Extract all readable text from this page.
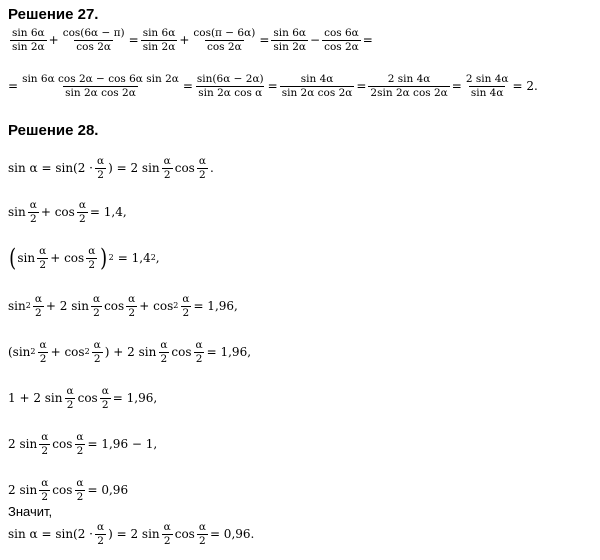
Решение 27.
$\frac{\sin 6\alpha}{\sin 2\alpha} + \frac{\cos(6\alpha - \pi)}{\cos 2\alpha} = \frac{\sin 6\alpha}{\sin 2\alpha} + \frac{\cos(\pi - 6\alpha)}{\cos 2\alpha} = \frac{\sin 6\alpha}{\sin 2\alpha} - \frac{\cos 6\alpha}{\cos 2\alpha}$ =
= $\frac{\text{sin 6α cos 2α − cos 6α sin 2α}}{\text{sin 2α cos 2α}} = \frac{\sin(6\alpha - 2\alpha)}{\text{sin 2α cos α}} = \frac{\sin 4\alpha}{\text{sin 2α cos 2α}} = \frac{2 \sin 4\alpha}{\text{2sin 2α cos 2α}} = \frac{2 \sin 4\alpha}{\sin 4\alpha} = 2$.
Решение 28.
$\sin \alpha = \sin(2 \cdot \frac{\alpha}{2}$ ) = 2 $\sin \frac{\alpha}{2}$ $\cos \frac{\alpha}{2}$ .
$\sin \frac{\alpha}{2} + \cos \frac{\alpha}{2} = 1,4$,
( $\sin \frac{\alpha}{2} + \cos \frac{\alpha}{2}$ ) 2 = 1,4 2 ,
$\sin 2 \frac{\alpha}{2} + 2$ $\sin \frac{\alpha}{2}$ $\cos \frac{\alpha}{2} + \cos 2 \frac{\alpha}{2} = 1,96$,
(sin $2 \frac{\alpha}{2} + \cos 2 \frac{\alpha}{2}$ ) + 2 $\sin \frac{\alpha}{2}$ $\cos \frac{\alpha}{2} = 1,96$,
1 + 2 $\sin \frac{\alpha}{2}$ $\cos \frac{\alpha}{2} = 1,96$,
2 $\sin \frac{\alpha}{2}$ $\cos \frac{\alpha}{2} = 1,96 - 1$,
2 $\sin \frac{\alpha}{2}$ $\cos \frac{\alpha}{2} = 0,96$
Значит,
$\sin \alpha = \sin(2 \cdot \frac{\alpha}{2}$ ) = 2 $\sin \frac{\alpha}{2}$ $\cos \frac{\alpha}{2} = 0,96$.
